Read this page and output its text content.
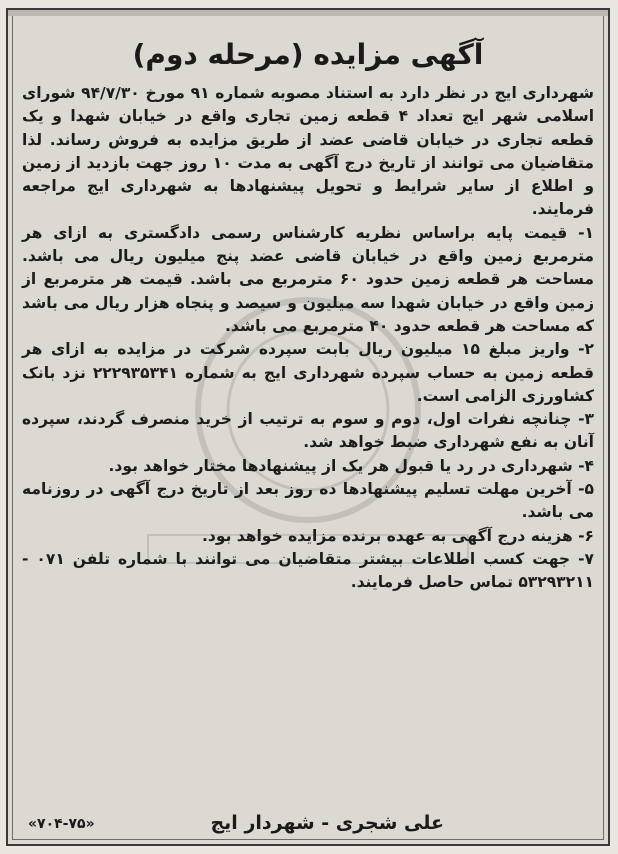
آگهی مزایده (مرحله دوم)

شهرداری ایج در نظر دارد به استناد مصوبه شماره ۹۱ مورخ ۹۴/۷/۳۰ شورای اسلامی شهر ایج تعداد ۴ قطعه زمین تجاری واقع در خیابان شهدا و یک قطعه تجاری در خیابان قاضی عضد از طریق مزایده به فروش رساند. لذا متقاضیان می توانند از تاریخ درج آگهی به مدت ۱۰ روز جهت بازدید از زمین و اطلاع از سایر شرایط و تحویل پیشنهادها به شهرداری ایج مراجعه فرمایند.

۱- قیمت پایه براساس نظریه کارشناس رسمی دادگستری به ازای هر مترمربع زمین واقع در خیابان قاضی عضد پنج میلیون ریال می باشد. مساحت هر قطعه زمین حدود ۶۰ مترمربع می باشد. قیمت هر مترمربع از زمین واقع در خیابان شهدا سه میلیون و سیصد و پنجاه هزار ریال می باشد که مساحت هر قطعه حدود ۴۰ مترمربع می باشد.

۲- واریز مبلغ ۱۵ میلیون ریال بابت سپرده شرکت در مزایده به ازای هر قطعه زمین به حساب سپرده شهرداری ایج به شماره ۲۲۲۹۳۵۳۴۱ نزد بانک کشاورزی الزامی است.

۳- چنانچه نفرات اول، دوم و سوم به ترتیب از خرید منصرف گردند، سپرده آنان به نفع شهرداری ضبط خواهد شد.

۴- شهرداری در رد یا قبول هر یک از پیشنهادها مختار خواهد بود.

۵- آخرین مهلت تسلیم پیشنهادها ده روز بعد از تاریخ درج آگهی در روزنامه می باشد.

۶- هزینه درج آگهی به عهده برنده مزایده خواهد بود.

۷- جهت کسب اطلاعات بیشتر متقاضیان می توانند با شماره تلفن ۰۷۱ - ۵۳۲۹۳۲۱۱ تماس حاصل فرمایند.

علی شجری - شهردار ایج
«۷۰۴-۷۵»
